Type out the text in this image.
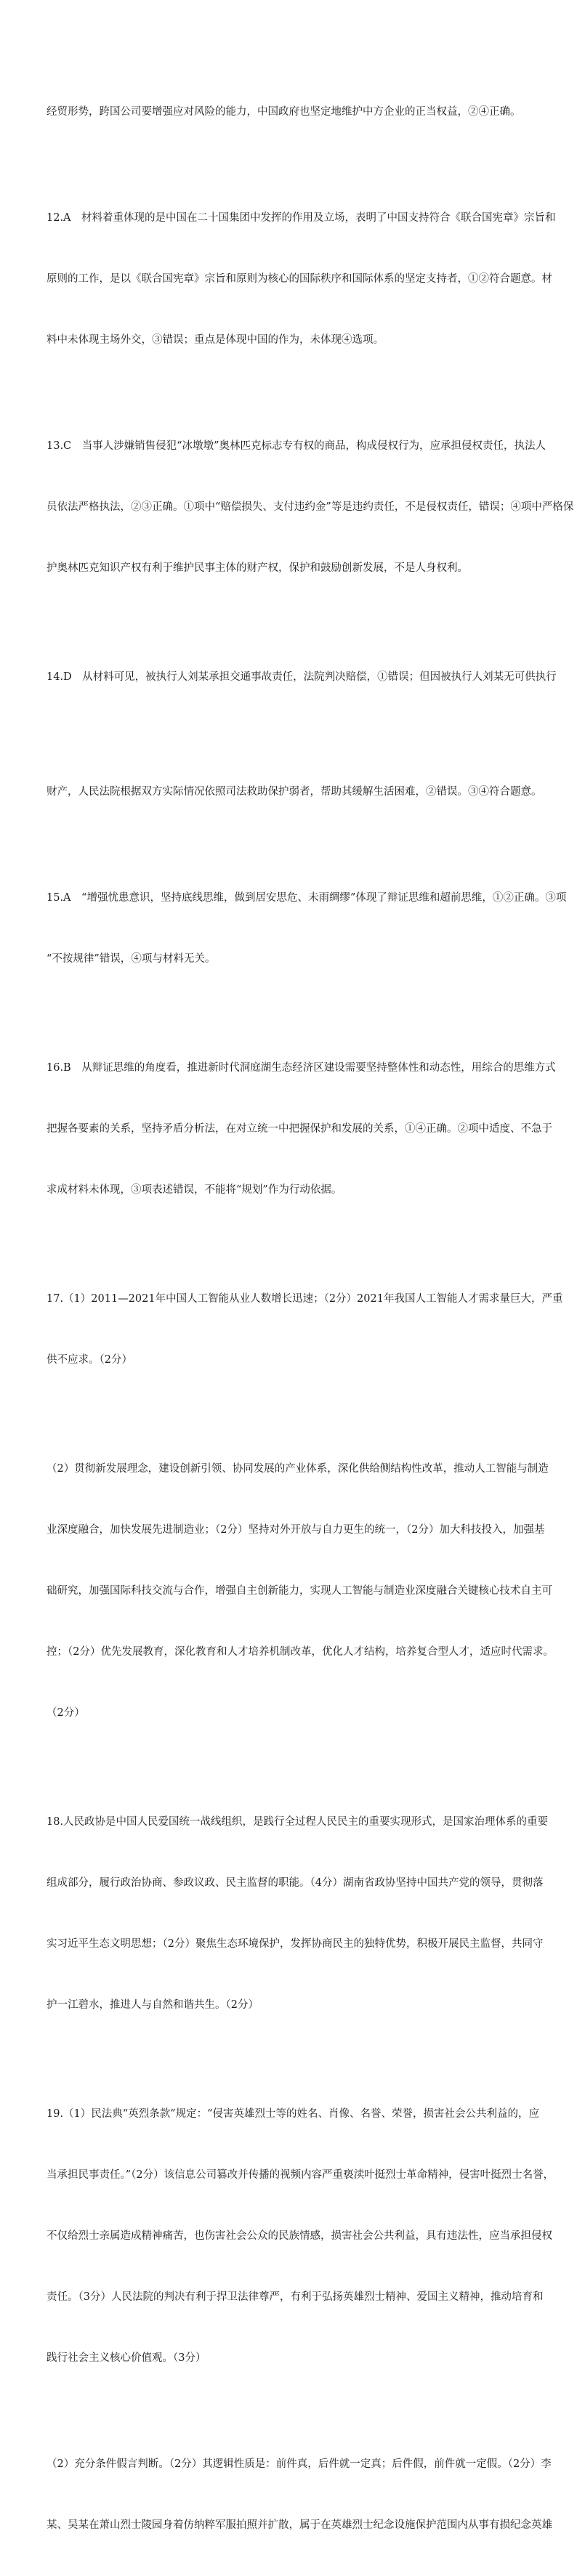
经贸形势，跨国公司要增强应对风险的能力，中国政府也坚定地维护中方企业的正当权益，②④正确。

12.A　材料着重体现的是中国在二十国集团中发挥的作用及立场，表明了中国支持符合《联合国宪章》宗旨和

原则的工作，是以《联合国宪章》宗旨和原则为核心的国际秩序和国际体系的坚定支持者，①②符合题意。材

料中未体现主场外交，③错误；重点是体现中国的作为，未体现④选项。

13.C　当事人涉嫌销售侵犯“冰墩墩”奥林匹克标志专有权的商品，构成侵权行为，应承担侵权责任，执法人

员依法严格执法，②③正确。①项中“赔偿损失、支付违约金”等是违约责任，不是侵权责任，错误；④项中严格保

护奥林匹克知识产权有利于维护民事主体的财产权，保护和鼓励创新发展，不是人身权利。

14.D　从材料可见，被执行人刘某承担交通事故责任，法院判决赔偿，①错误；但因被执行人刘某无可供执行

财产，人民法院根据双方实际情况依照司法救助保护弱者，帮助其缓解生活困难，②错误。③④符合题意。

15.A　“增强忧患意识，坚持底线思维，做到居安思危、未雨绸缪”体现了辩证思维和超前思维，①②正确。③项

“不按规律”错误，④项与材料无关。

16.B　从辩证思维的角度看，推进新时代洞庭湖生态经济区建设需要坚持整体性和动态性，用综合的思维方式

把握各要素的关系，坚持矛盾分析法，在对立统一中把握保护和发展的关系，①④正确。②项中适度、不急于

求成材料未体现，③项表述错误，不能将“规划”作为行动依据。

17.（1）2011—2021年中国人工智能从业人数增长迅速；（2分）2021年我国人工智能人才需求量巨大，严重

供不应求。（2分）

（2）贯彻新发展理念，建设创新引领、协同发展的产业体系，深化供给侧结构性改革，推动人工智能与制造

业深度融合，加快发展先进制造业；（2分）坚持对外开放与自力更生的统一，（2分）加大科技投入，加强基

础研究，加强国际科技交流与合作，增强自主创新能力，实现人工智能与制造业深度融合关键核心技术自主可

控；（2分）优先发展教育，深化教育和人才培养机制改革，优化人才结构，培养复合型人才，适应时代需求。

（2分）

18.人民政协是中国人民爱国统一战线组织，是践行全过程人民民主的重要实现形式，是国家治理体系的重要

组成部分，履行政治协商、参政议政、民主监督的职能。（4分）湖南省政协坚持中国共产党的领导，贯彻落

实习近平生态文明思想；（2分）聚焦生态环境保护，发挥协商民主的独特优势，积极开展民主监督，共同守

护一江碧水，推进人与自然和谐共生。（2分）

19.（1）民法典“英烈条款”规定：“侵害英雄烈士等的姓名、肖像、名誉、荣誉，损害社会公共利益的，应

当承担民事责任。”（2分）该信息公司篡改并传播的视频内容严重亵渎叶挺烈士革命精神，侵害叶挺烈士名誉，

不仅给烈士亲属造成精神痛苦，也伤害社会公众的民族情感，损害社会公共利益，具有违法性，应当承担侵权

责任。（3分）人民法院的判决有利于捍卫法律尊严，有利于弘扬英雄烈士精神、爱国主义精神，推动培育和

践行社会主义核心价值观。（3分）

（2）充分条件假言判断。（2分）其逻辑性质是：前件真，后件就一定真；后件假，前件就一定假。（2分）李

某、吴某在萧山烈士陵园身着仿纳粹军服拍照并扩散，属于在英雄烈士纪念设施保护范围内从事有损纪念英雄
